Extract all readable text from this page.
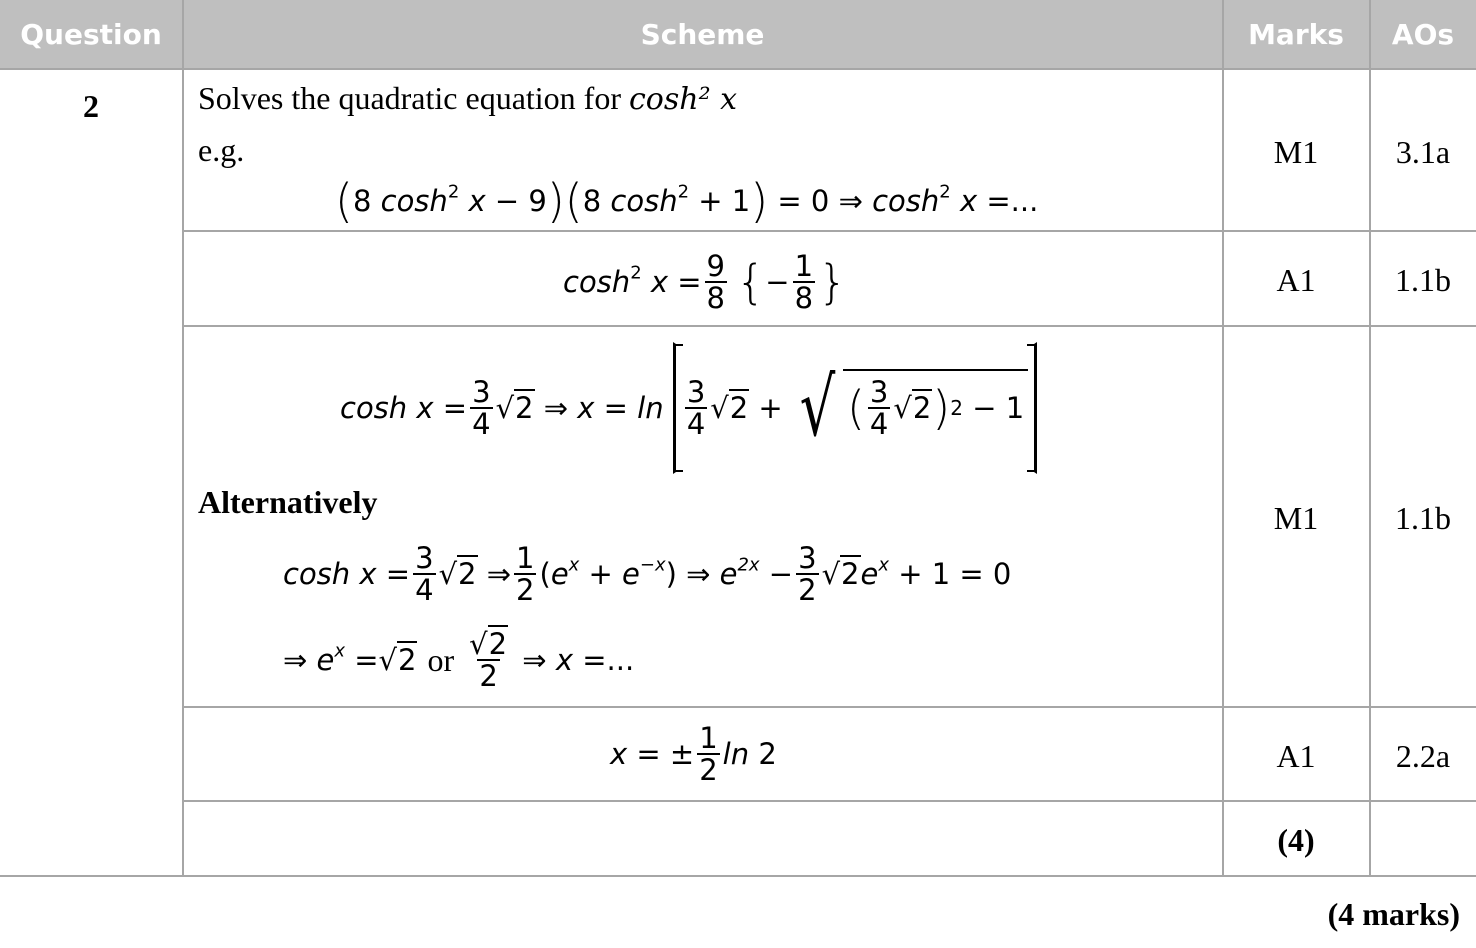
Question	Scheme	Marks	AOs
2	Solves the quadratic equation for cosh² x
e.g.
( 8 $\cosh^2 x - 9$ )( 8 $\cosh^2 + 1$ ) = 0 ⇒ $\cosh^2 x$ =...
M1	3.1a
$\cosh^2 x = \frac{9}{8}$ { − $\frac{1}{8}$ }	A1	1.1b
$\cosh x = \frac{3}{4} √2$ ⇒ $x = \ln \frac{3}{4} √2$ + √ ( $\frac{3}{4} √2$ ) 2 − 1
Alternatively
$\cosh x = \frac{3}{4} √2$ ⇒ $\frac{1}{2} (e^x + e^{-x})$ ⇒ $e^{2x} - \frac{3}{2} √2$ $e^x + 1 = 0$
⇒ $e^x = √2$ or $\frac{√2}{2}$ ⇒ x =...
M1	1.1b
x = ± $\frac{1}{2}$ ln 2	A1	2.2a
(4)
(4 marks)
